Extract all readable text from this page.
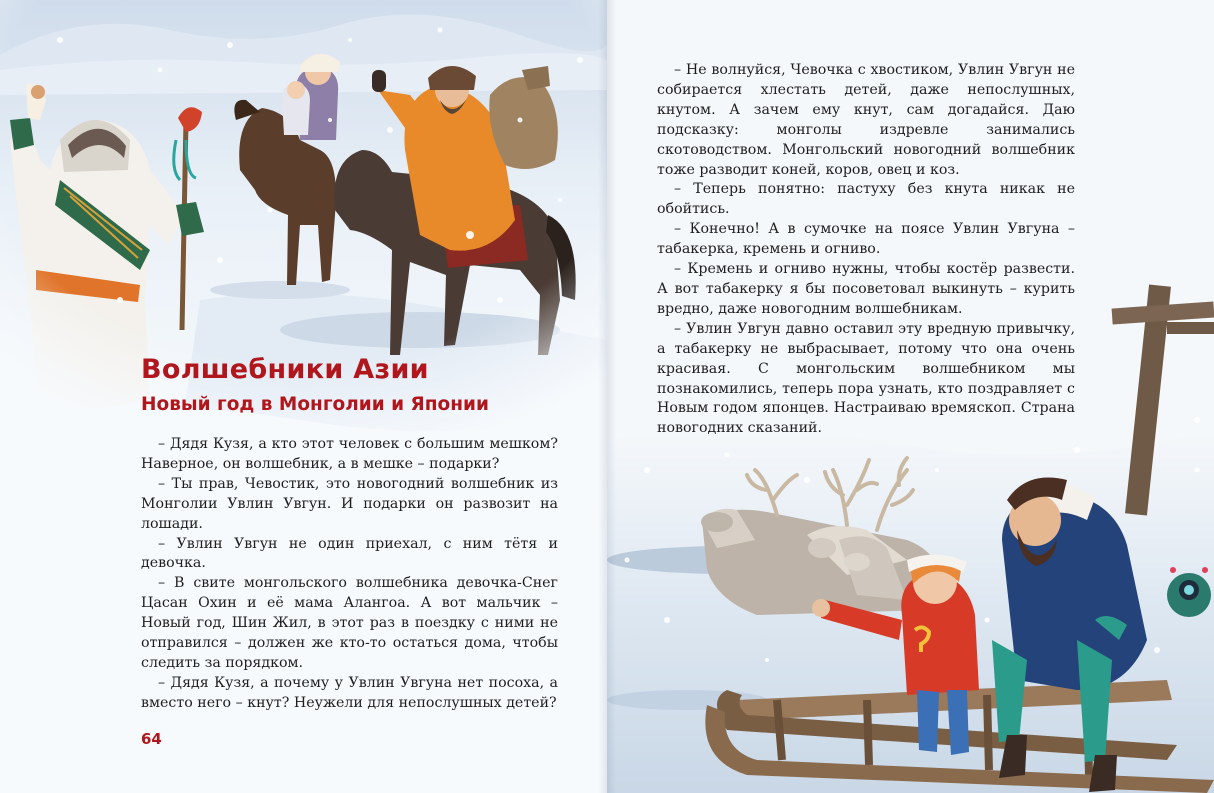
Волшебники Азии
Новый год в Монголии и Японии

– Дядя Кузя, а кто этот человек с большим мешком? Наверное, он волшебник, а в мешке – подарки?

– Ты прав, Чевостик, это новогодний волшебник из Монголии Увлин Увгун. И подарки он развозит на лошади.

– Увлин Увгун не один приехал, с ним тётя и девочка.

– В свите монгольского волшебника девочка-Снег Цасан Охин и её мама Алангоа. А вот мальчик – Новый год, Шин Жил, в этот раз в поездку с ними не отправился – должен же кто-то остаться дома, чтобы следить за порядком.

– Дядя Кузя, а почему у Увлин Увгуна нет посоха, а вместо него – кнут? Неужели для непослушных детей?

64

– Не волнуйся, Чевочка с хвостиком, Увлин Увгун не собирается хлестать детей, даже непослушных, кнутом. А зачем ему кнут, сам догадайся. Даю подсказку: монголы издревле занимались скотоводством. Монгольский новогодний волшебник тоже разводит коней, коров, овец и коз.

– Теперь понятно: пастуху без кнута никак не обойтись.

– Конечно! А в сумочке на поясе Увлин Увгуна – табакерка, кремень и огниво.

– Кремень и огниво нужны, чтобы костёр развести. А вот табакерку я бы посоветовал выкинуть – курить вредно, даже новогодним волшебникам.

– Увлин Увгун давно оставил эту вредную привычку, а табакерку не выбрасывает, потому что она очень красивая. С монгольским волшебником мы познакомились, теперь пора узнать, кто поздравляет с Новым годом японцев. Настраиваю времяскоп. Страна новогодних сказаний.
